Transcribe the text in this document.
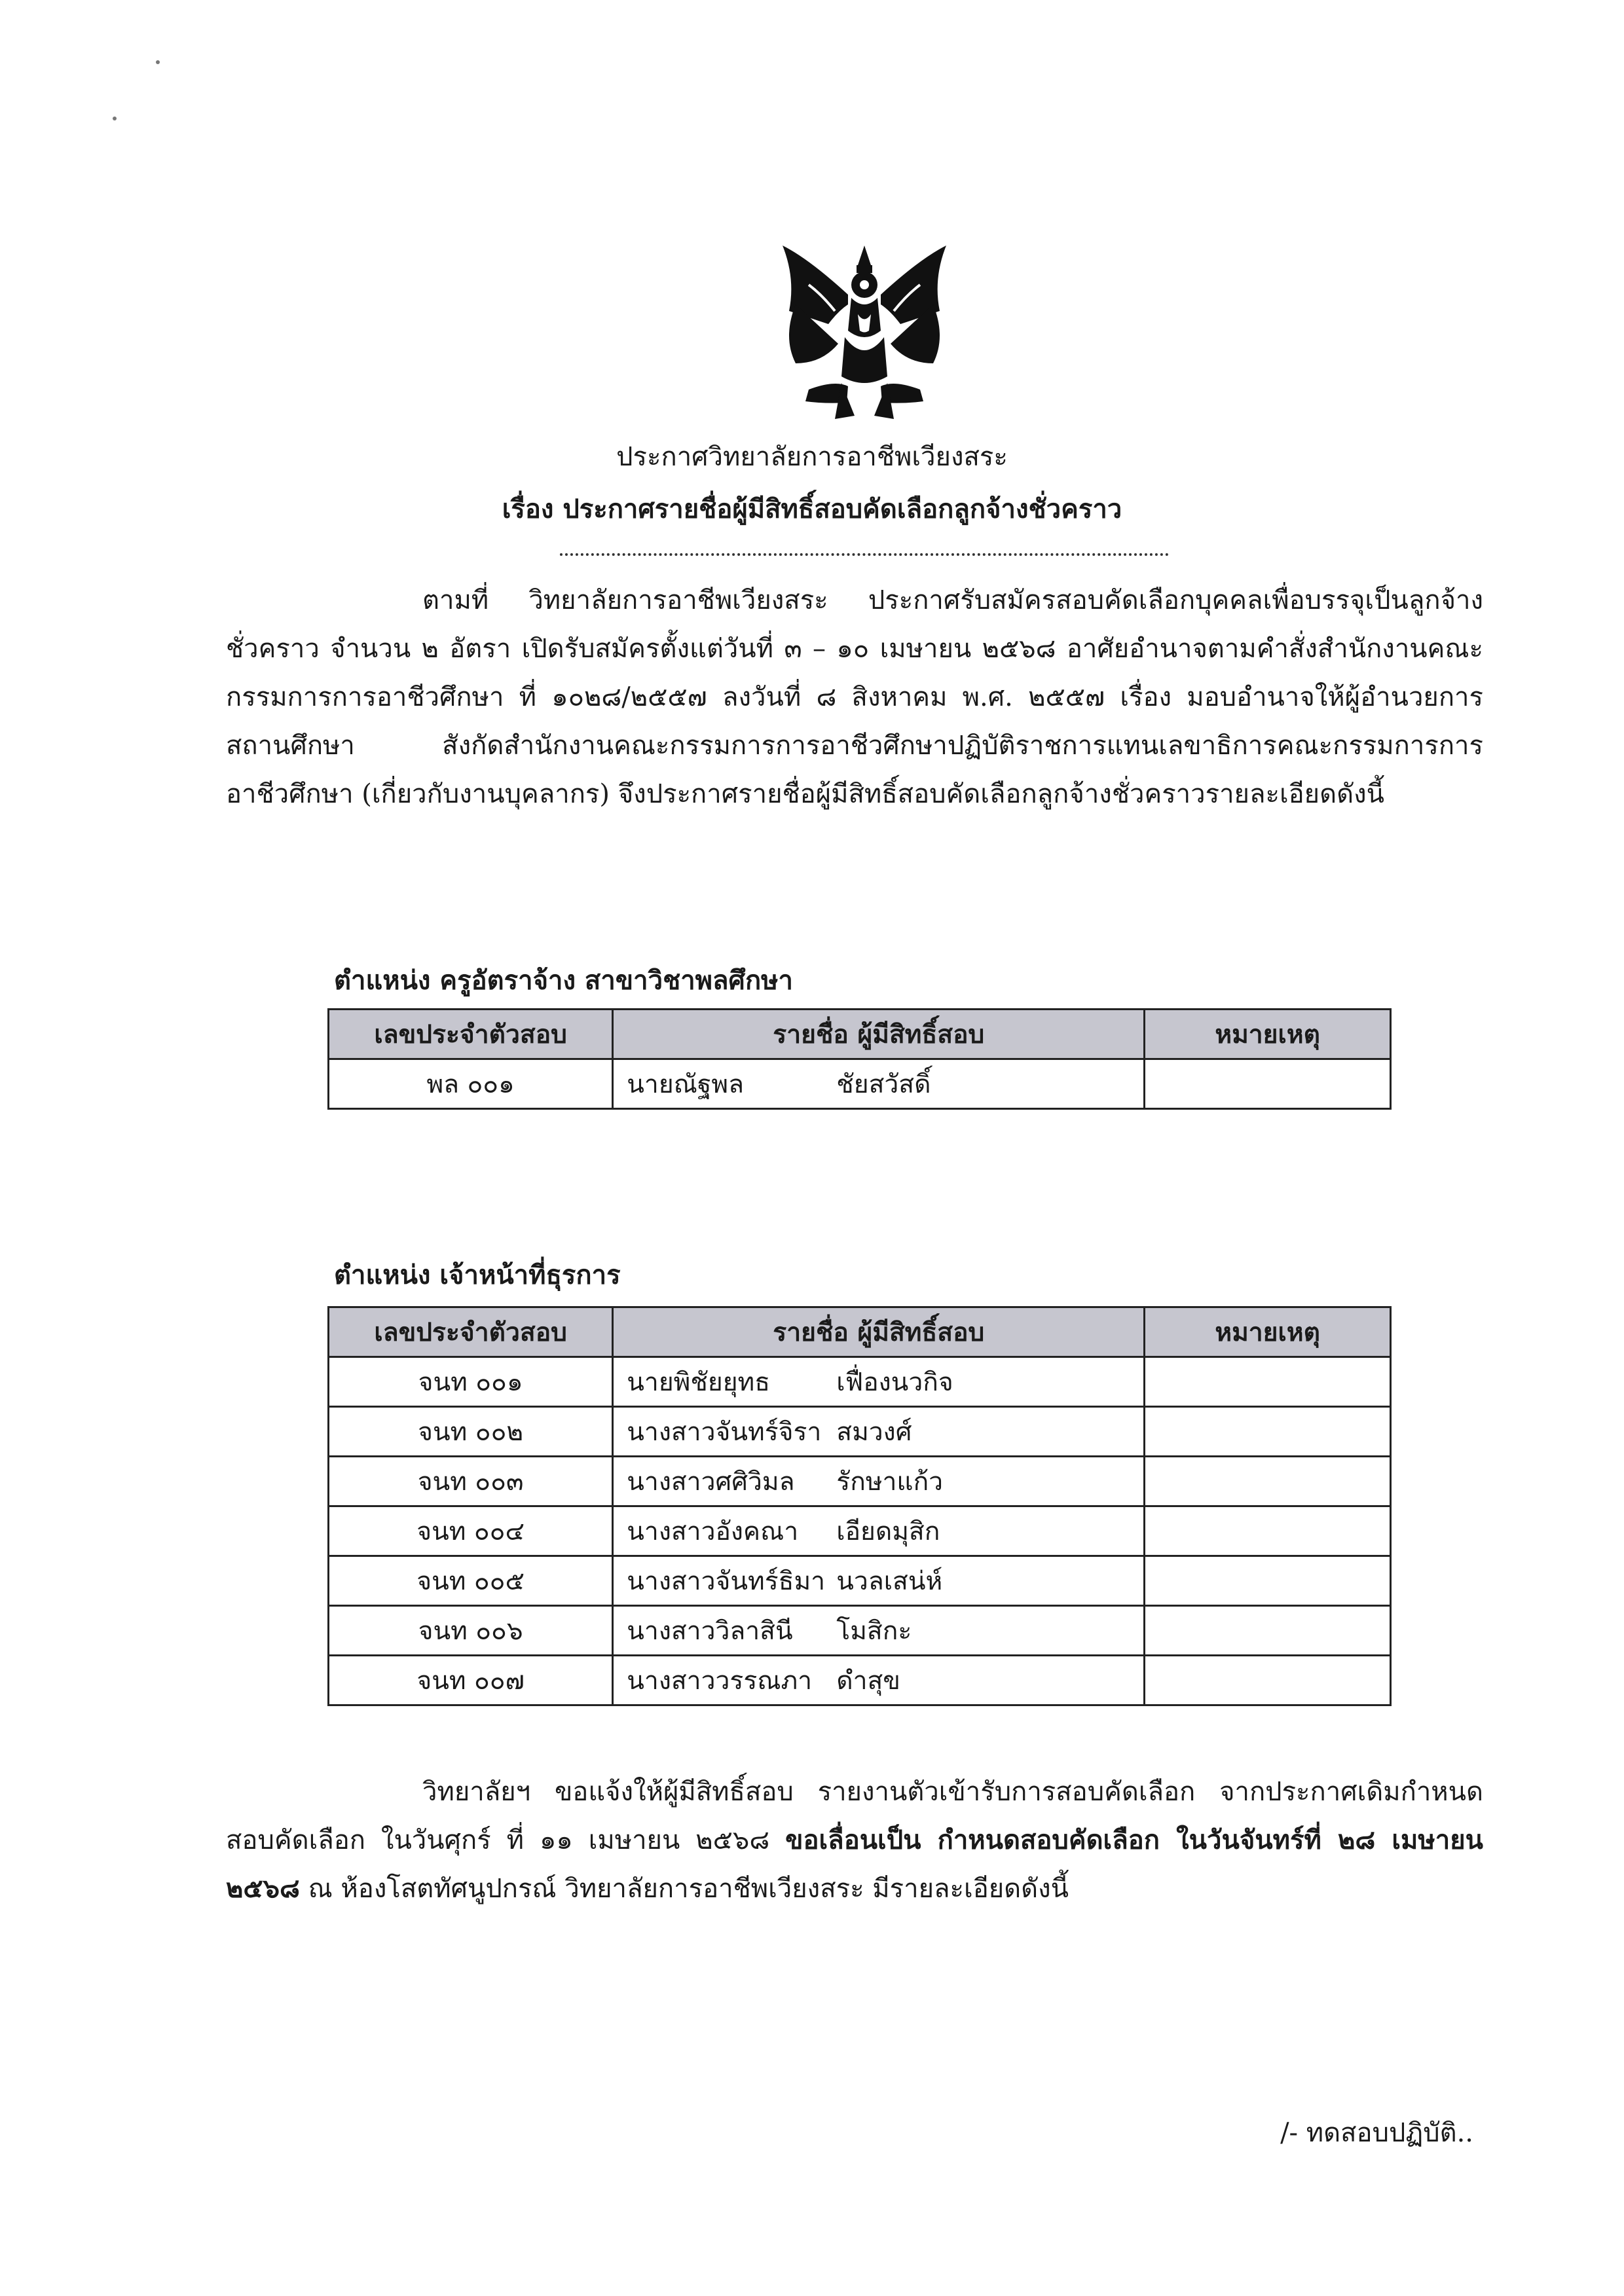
ประกาศวิทยาลัยการอาชีพเวียงสระ
เรื่อง ประกาศรายชื่อผู้มีสิทธิ์สอบคัดเลือกลูกจ้างชั่วคราว
ตามที่ วิทยาลัยการอาชีพเวียงสระ ประกาศรับสมัครสอบคัดเลือกบุคคลเพื่อบรรจุเป็นลูกจ้างชั่วคราว จำนวน ๒ อัตรา เปิดรับสมัครตั้งแต่วันที่ ๓ – ๑๐ เมษายน ๒๕๖๘ อาศัยอำนาจตามคำสั่งสำนักงานคณะกรรมการการอาชีวศึกษา ที่ ๑๐๒๘/๒๕๕๗ ลงวันที่ ๘ สิงหาคม พ.ศ. ๒๕๕๗ เรื่อง มอบอำนาจให้ผู้อำนวยการสถานศึกษา สังกัดสำนักงานคณะกรรมการการอาชีวศึกษาปฏิบัติราชการแทนเลขาธิการคณะกรรมการการอาชีวศึกษา (เกี่ยวกับงานบุคลากร) จึงประกาศรายชื่อผู้มีสิทธิ์สอบคัดเลือกลูกจ้างชั่วคราวรายละเอียดดังนี้
ตำแหน่ง ครูอัตราจ้าง สาขาวิชาพลศึกษา
เลขประจำตัวสอบ	รายชื่อ ผู้มีสิทธิ์สอบ	หมายเหตุ
พล ๐๐๑	นายณัฐพล ชัยสวัสดิ์	
ตำแหน่ง เจ้าหน้าที่ธุรการ
เลขประจำตัวสอบ	รายชื่อ ผู้มีสิทธิ์สอบ	หมายเหตุ
จนท ๐๐๑	นายพิชัยยุทธ เฟื่องนวกิจ	
จนท ๐๐๒	นางสาวจันทร์จิรา สมวงศ์	
จนท ๐๐๓	นางสาวศศิวิมล รักษาแก้ว	
จนท ๐๐๔	นางสาวอังคณา เอียดมุสิก	
จนท ๐๐๕	นางสาวจันทร์ธิมา นวลเสน่ห์	
จนท ๐๐๖	นางสาววิลาสินี โมสิกะ	
จนท ๐๐๗	นางสาววรรณภา ดำสุข	
วิทยาลัยฯ ขอแจ้งให้ผู้มีสิทธิ์สอบ รายงานตัวเข้ารับการสอบคัดเลือก จากประกาศเดิมกำหนดสอบคัดเลือก ในวันศุกร์ ที่ ๑๑ เมษายน ๒๕๖๘ ขอเลื่อนเป็น กำหนดสอบคัดเลือก ในวันจันทร์ที่ ๒๘ เมษายน ๒๕๖๘ ณ ห้องโสตทัศนูปกรณ์ วิทยาลัยการอาชีพเวียงสระ มีรายละเอียดดังนี้
/- ทดสอบปฏิบัติ..
